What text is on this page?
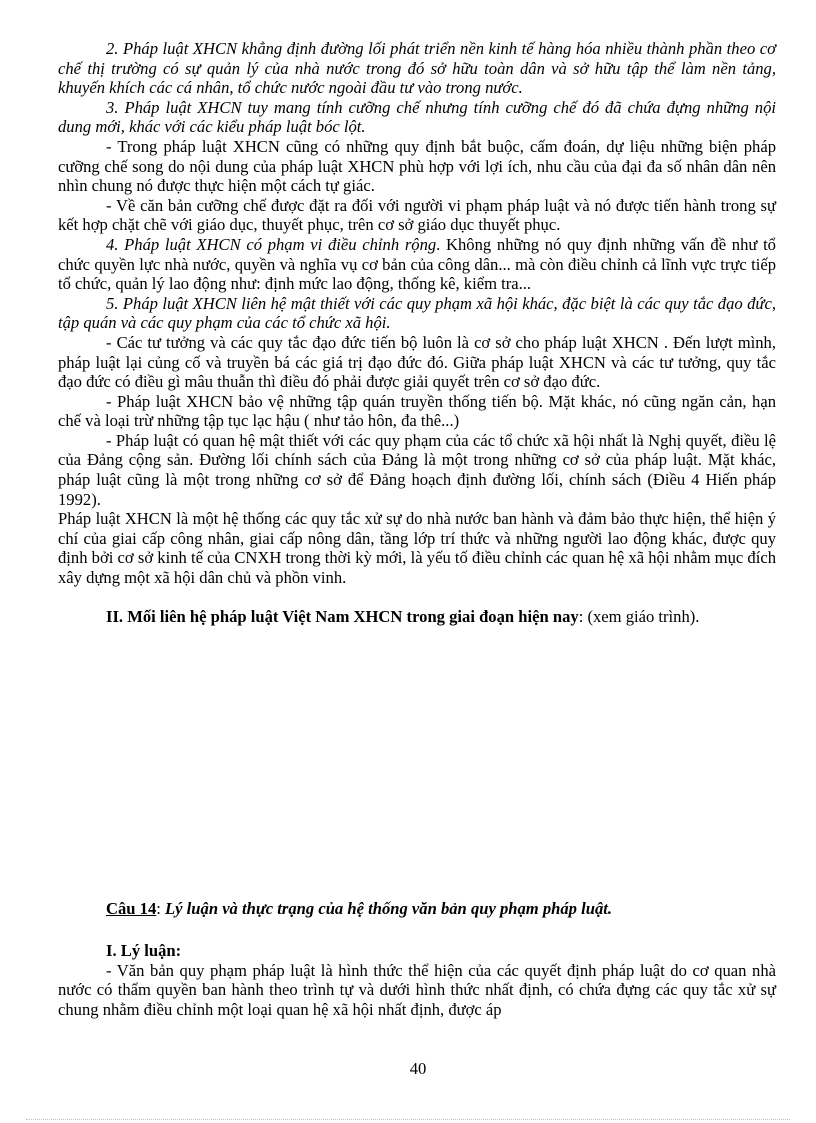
2. Pháp luật XHCN khẳng định đường lối phát triển nền kinh tế hàng hóa nhiều thành phần theo cơ chế thị trường có sự quản lý của nhà nước trong đó sở hữu toàn dân và sở hữu tập thể làm nền tảng, khuyến khích các cá nhân, tổ chức nước ngoài đầu tư vào trong nước.

3. Pháp luật XHCN tuy mang tính cưỡng chế nhưng tính cưỡng chế đó đã chứa đựng những nội dung mới, khác với các kiểu pháp luật bóc lột.

- Trong pháp luật XHCN cũng có những quy định bắt buộc, cấm đoán, dự liệu những biện pháp cưỡng chế song do nội dung của pháp luật XHCN phù hợp với lợi ích, nhu cầu của đại đa số nhân dân nên nhìn chung nó được thực hiện một cách tự giác.

- Về căn bản cưỡng chế được đặt ra đối với người vi phạm pháp luật và nó được tiến hành trong sự kết hợp chặt chẽ với giáo dục, thuyết phục, trên cơ sở giáo dục thuyết phục.

4. Pháp luật XHCN có phạm vi điều chỉnh rộng. Không những nó quy định những vấn đề như tổ chức quyền lực nhà nước, quyền và nghĩa vụ cơ bản của công dân... mà còn điều chỉnh cả lĩnh vực trực tiếp tổ chức, quản lý lao động như: định mức lao động, thống kê, kiểm tra...

5. Pháp luật XHCN liên hệ mật thiết với các quy phạm xã hội khác, đặc biệt là các quy tắc đạo đức, tập quán và các quy phạm của các tổ chức xã hội.

- Các tư tưởng và các quy tắc đạo đức tiến bộ luôn là cơ sở cho pháp luật XHCN . Đến lượt mình, pháp luật lại củng cố và truyền bá các giá trị đạo đức đó. Giữa pháp luật XHCN và các tư tưởng, quy tắc đạo đức có điều gì mâu thuẫn thì điều đó phải được giải quyết trên cơ sở đạo đức.

- Pháp luật XHCN bảo vệ những tập quán truyền thống tiến bộ. Mặt khác, nó cũng ngăn cản, hạn chế và loại trừ những tập tục lạc hậu ( như tảo hôn, đa thê...)

- Pháp luật có quan hệ mật thiết với các quy phạm của các tổ chức xã hội nhất là Nghị quyết, điều lệ của Đảng cộng sản. Đường lối chính sách của Đảng là một trong những cơ sở của pháp luật. Mặt khác, pháp luật cũng là một trong những cơ sở để Đảng hoạch định đường lối, chính sách (Điều 4 Hiến pháp 1992).

Pháp luật XHCN là một hệ thống các quy tắc xử sự do nhà nước ban hành và đảm bảo thực hiện, thể hiện ý chí của giai cấp công nhân, giai cấp nông dân, tầng lớp trí thức và những người lao động khác, được quy định bởi cơ sở kinh tế của CNXH trong thời kỳ mới, là yếu tố điều chỉnh các quan hệ xã hội nhằm mục đích xây dựng một xã hội dân chủ và phồn vinh.

II. Mối liên hệ pháp luật Việt Nam XHCN trong giai đoạn hiện nay: (xem giáo trình).

Câu 14: Lý luận và thực trạng của hệ thống văn bản quy phạm pháp luật.

I. Lý luận:

- Văn bản quy phạm pháp luật là hình thức thể hiện của các quyết định pháp luật do cơ quan nhà nước có thẩm quyền ban hành theo trình tự và dưới hình thức nhất định, có chứa đựng các quy tắc xử sự chung nhằm điều chỉnh một loại quan hệ xã hội nhất định, được áp

40
